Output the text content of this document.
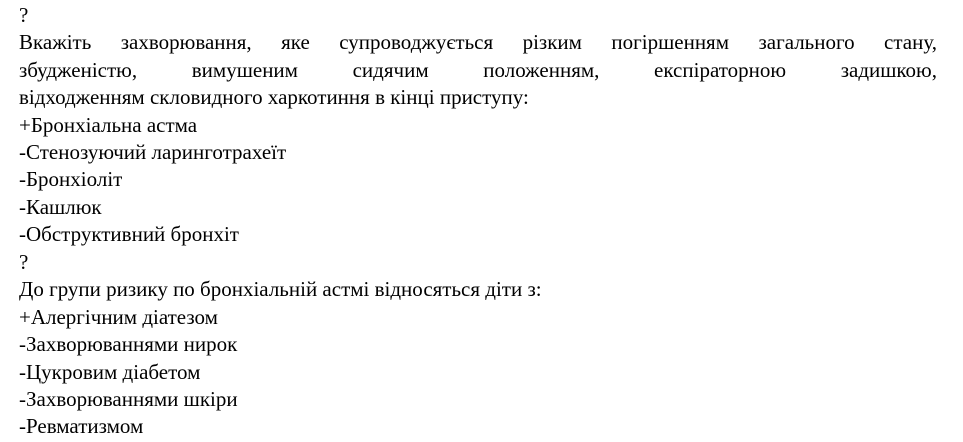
?
Вкажіть захворювання, яке супроводжується різким погіршенням загального стану,
збудженістю, вимушеним сидячим положенням, експіраторною задишкою,
відходженням скловидного харкотиння в кінці приступу:
+Бронхіальна астма
-Стенозуючий ларинготрахеїт
-Бронхіоліт
-Кашлюк
-Обструктивний бронхіт
?
До групи ризику по бронхіальній астмі відносяться діти з:
+Алергічним діатезом
-Захворюваннями нирок
-Цукровим діабетом
-Захворюваннями шкіри
-Ревматизмом
